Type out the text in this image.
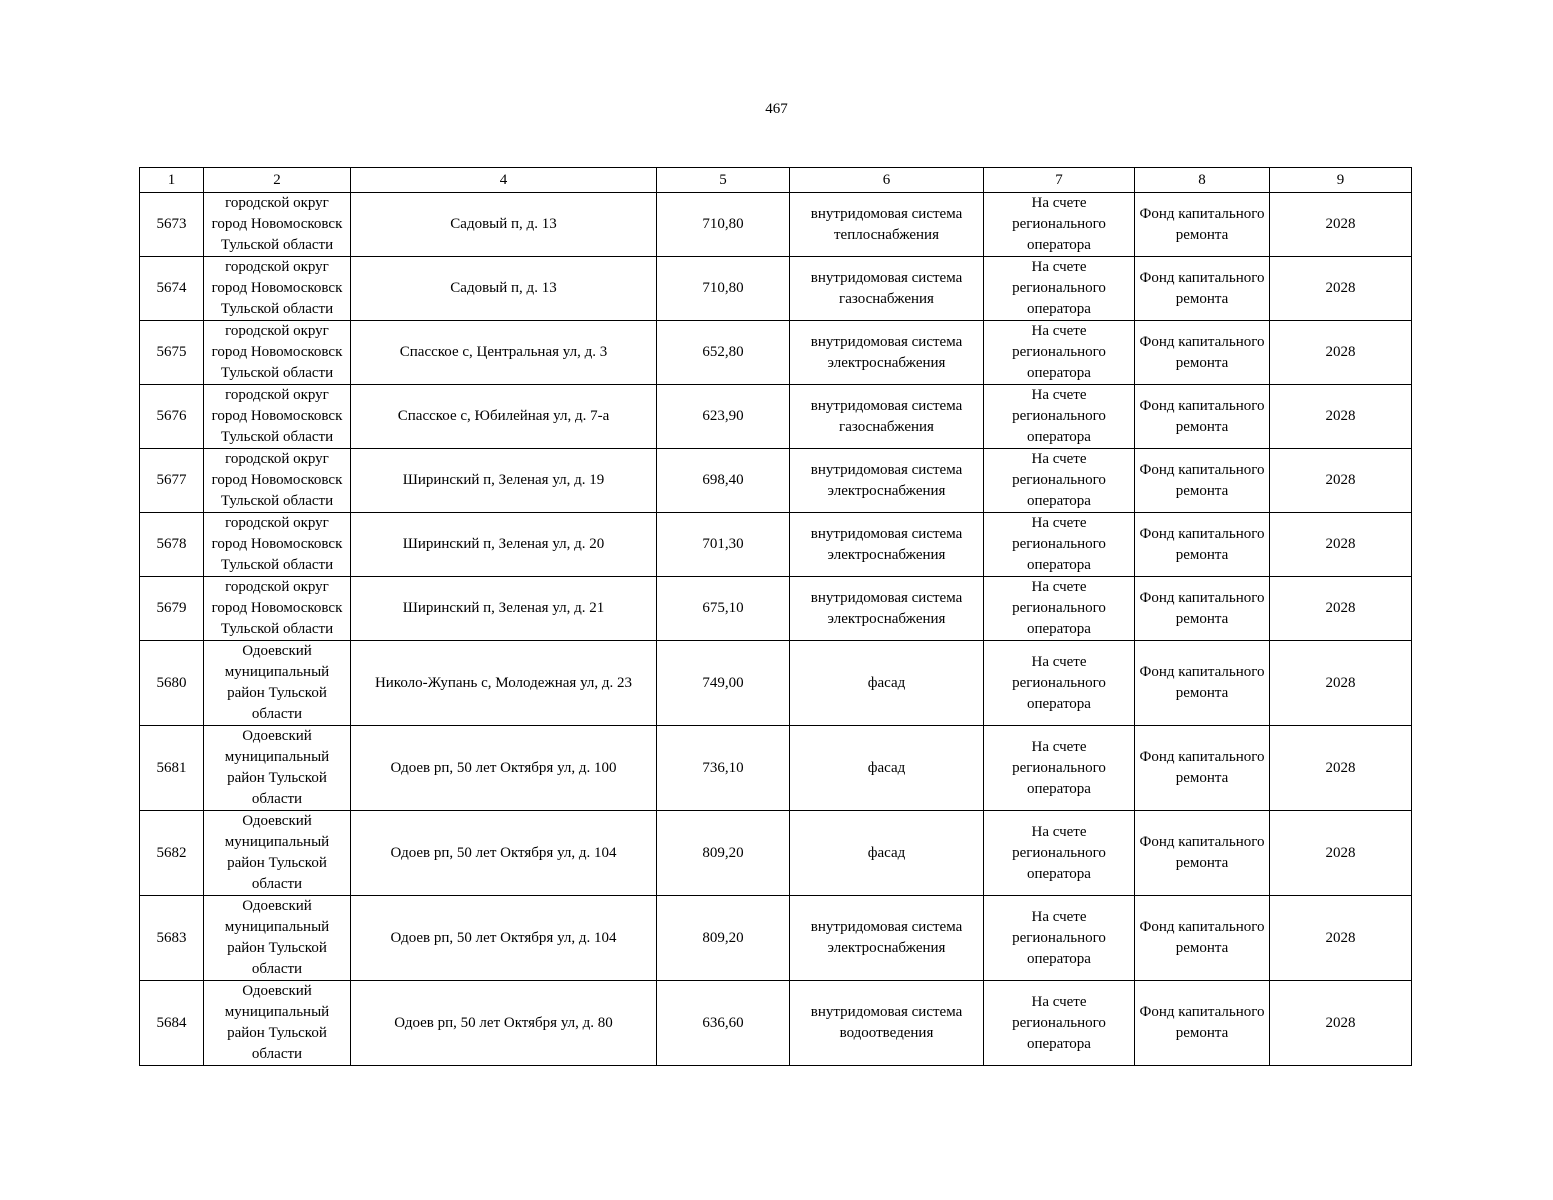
467
1	2	4	5	6	7	8	9
5673	городской округ город Новомосковск Тульской области	Садовый п, д. 13	710,80	внутридомовая система теплоснабжения	На счете регионального оператора	Фонд капитального ремонта	2028
5674	городской округ город Новомосковск Тульской области	Садовый п, д. 13	710,80	внутридомовая система газоснабжения	На счете регионального оператора	Фонд капитального ремонта	2028
5675	городской округ город Новомосковск Тульской области	Спасское с, Центральная ул, д. 3	652,80	внутридомовая система электроснабжения	На счете регионального оператора	Фонд капитального ремонта	2028
5676	городской округ город Новомосковск Тульской области	Спасское с, Юбилейная ул, д. 7-а	623,90	внутридомовая система газоснабжения	На счете регионального оператора	Фонд капитального ремонта	2028
5677	городской округ город Новомосковск Тульской области	Ширинский п, Зеленая ул, д. 19	698,40	внутридомовая система электроснабжения	На счете регионального оператора	Фонд капитального ремонта	2028
5678	городской округ город Новомосковск Тульской области	Ширинский п, Зеленая ул, д. 20	701,30	внутридомовая система электроснабжения	На счете регионального оператора	Фонд капитального ремонта	2028
5679	городской округ город Новомосковск Тульской области	Ширинский п, Зеленая ул, д. 21	675,10	внутридомовая система электроснабжения	На счете регионального оператора	Фонд капитального ремонта	2028
5680	Одоевский муниципальный район Тульской области	Николо-Жупань с, Молодежная ул, д. 23	749,00	фасад	На счете регионального оператора	Фонд капитального ремонта	2028
5681	Одоевский муниципальный район Тульской области	Одоев рп, 50 лет Октября ул, д. 100	736,10	фасад	На счете регионального оператора	Фонд капитального ремонта	2028
5682	Одоевский муниципальный район Тульской области	Одоев рп, 50 лет Октября ул, д. 104	809,20	фасад	На счете регионального оператора	Фонд капитального ремонта	2028
5683	Одоевский муниципальный район Тульской области	Одоев рп, 50 лет Октября ул, д. 104	809,20	внутридомовая система электроснабжения	На счете регионального оператора	Фонд капитального ремонта	2028
5684	Одоевский муниципальный район Тульской области	Одоев рп, 50 лет Октября ул, д. 80	636,60	внутридомовая система водоотведения	На счете регионального оператора	Фонд капитального ремонта	2028
